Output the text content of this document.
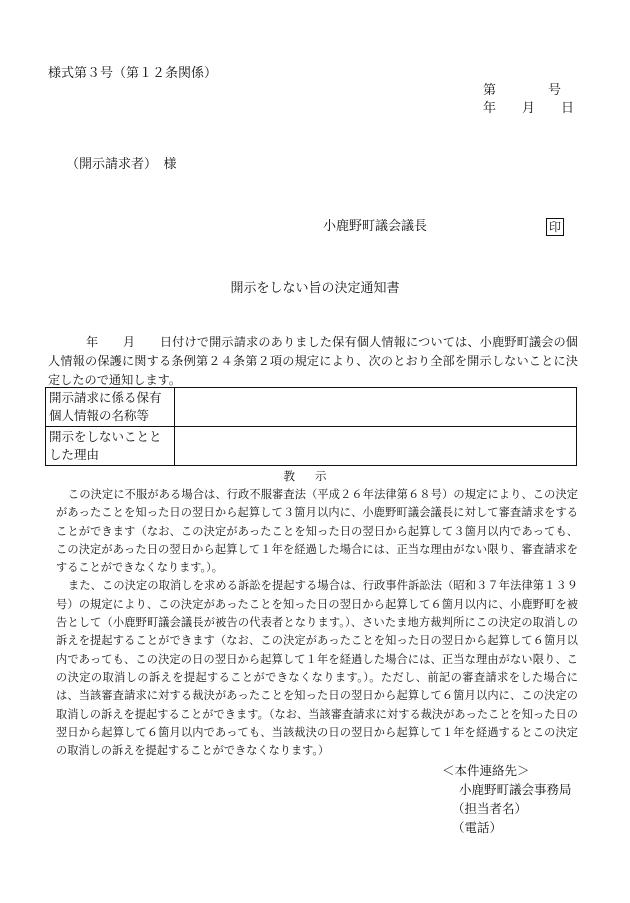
様式第３号（第１２条関係）
第　　　　号
年　　月　　日
（開示請求者）　様
小鹿野町議会議長	印
開示をしない旨の決定通知書

年　　月　　日付けで開示請求のありました保有個人情報については、小鹿野町議会の個人情報の保護に関する条例第２４条第２項の規定により、次のとおり全部を開示しないことに決定したので通知します。

開示請求に係る保有個人情報の名称等	
開示をしないこととした理由	
教示

この決定に不服がある場合は、行政不服審査法（平成２６年法律第６８号）の規定により、この決定があったことを知った日の翌日から起算して３箇月以内に、小鹿野町議会議長に対して審査請求をすることができます（なお、この決定があったことを知った日の翌日から起算して３箇月以内であっても、この決定があった日の翌日から起算して１年を経過した場合には、正当な理由がない限り、審査請求をすることができなくなります。）。

また、この決定の取消しを求める訴訟を提起する場合は、行政事件訴訟法（昭和３７年法律第１３９号）の規定により、この決定があったことを知った日の翌日から起算して６箇月以内に、小鹿野町を被告として（小鹿野町議会議長が被告の代表者となります。）、さいたま地方裁判所にこの決定の取消しの訴えを提起することができます（なお、この決定があったことを知った日の翌日から起算して６箇月以内であっても、この決定の日の翌日から起算して１年を経過した場合には、正当な理由がない限り、この決定の取消しの訴えを提起することができなくなります。）。ただし、前記の審査請求をした場合には、当該審査請求に対する裁決があったことを知った日の翌日から起算して６箇月以内に、この決定の取消しの訴えを提起することができます。（なお、当該審査請求に対する裁決があったことを知った日の翌日から起算して６箇月以内であっても、当該裁決の日の翌日から起算して１年を経過するとこの決定の取消しの訴えを提起することができなくなります。）

＜本件連絡先＞
小鹿野町議会事務局
（担当者名）
（電話）
